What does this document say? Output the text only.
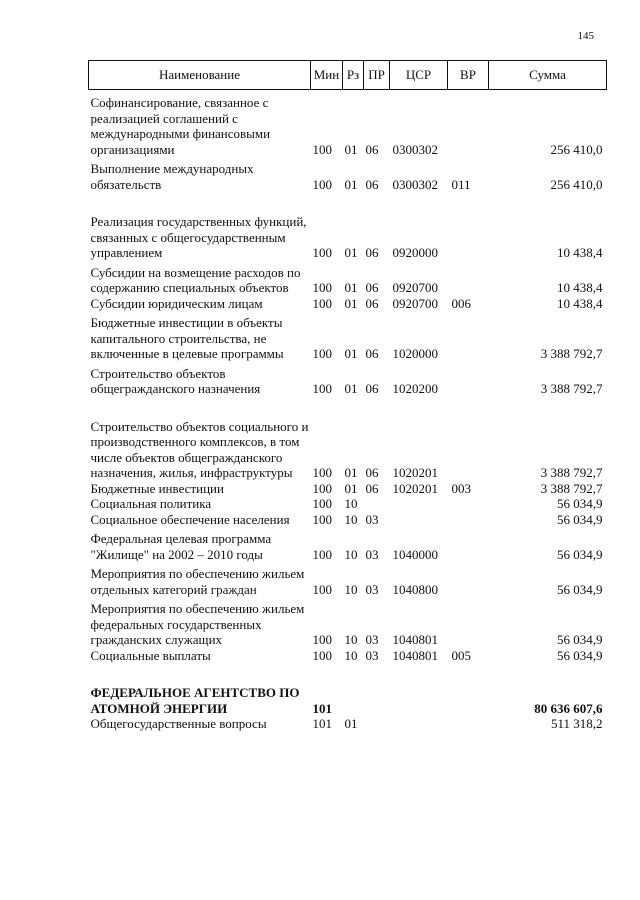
145
Наименование	Мин	Рз	ПР	ЦСР	ВР	Сумма
Софинансирование, связанное с реализацией соглашений с международными финансовыми организациями	100	01	06	0300302		256 410,0
Выполнение международных обязательств	100	01	06	0300302	011	256 410,0
Реализация государственных функций, связанных с общегосударственным управлением	100	01	06	0920000		10 438,4
Субсидии на возмещение расходов по содержанию специальных объектов	100	01	06	0920700		10 438,4
Субсидии юридическим лицам	100	01	06	0920700	006	10 438,4
Бюджетные инвестиции в объекты капитального строительства, не включенные в целевые программы	100	01	06	1020000		3 388 792,7
Строительство объектов общегражданского назначения	100	01	06	1020200		3 388 792,7
Строительство объектов социального и производственного комплексов, в том числе объектов общегражданского назначения, жилья, инфраструктуры	100	01	06	1020201		3 388 792,7
Бюджетные инвестиции	100	01	06	1020201	003	3 388 792,7
Социальная политика	100	10				56 034,9
Социальное обеспечение населения	100	10	03			56 034,9
Федеральная целевая программа "Жилище" на 2002 – 2010 годы	100	10	03	1040000		56 034,9
Мероприятия по обеспечению жильем отдельных категорий граждан	100	10	03	1040800		56 034,9
Мероприятия по обеспечению жильем федеральных государственных гражданских служащих	100	10	03	1040801		56 034,9
Социальные выплаты	100	10	03	1040801	005	56 034,9
ФЕДЕРАЛЬНОЕ АГЕНТСТВО ПО АТОМНОЙ ЭНЕРГИИ	101					80 636 607,6
Общегосударственные вопросы	101	01				511 318,2
